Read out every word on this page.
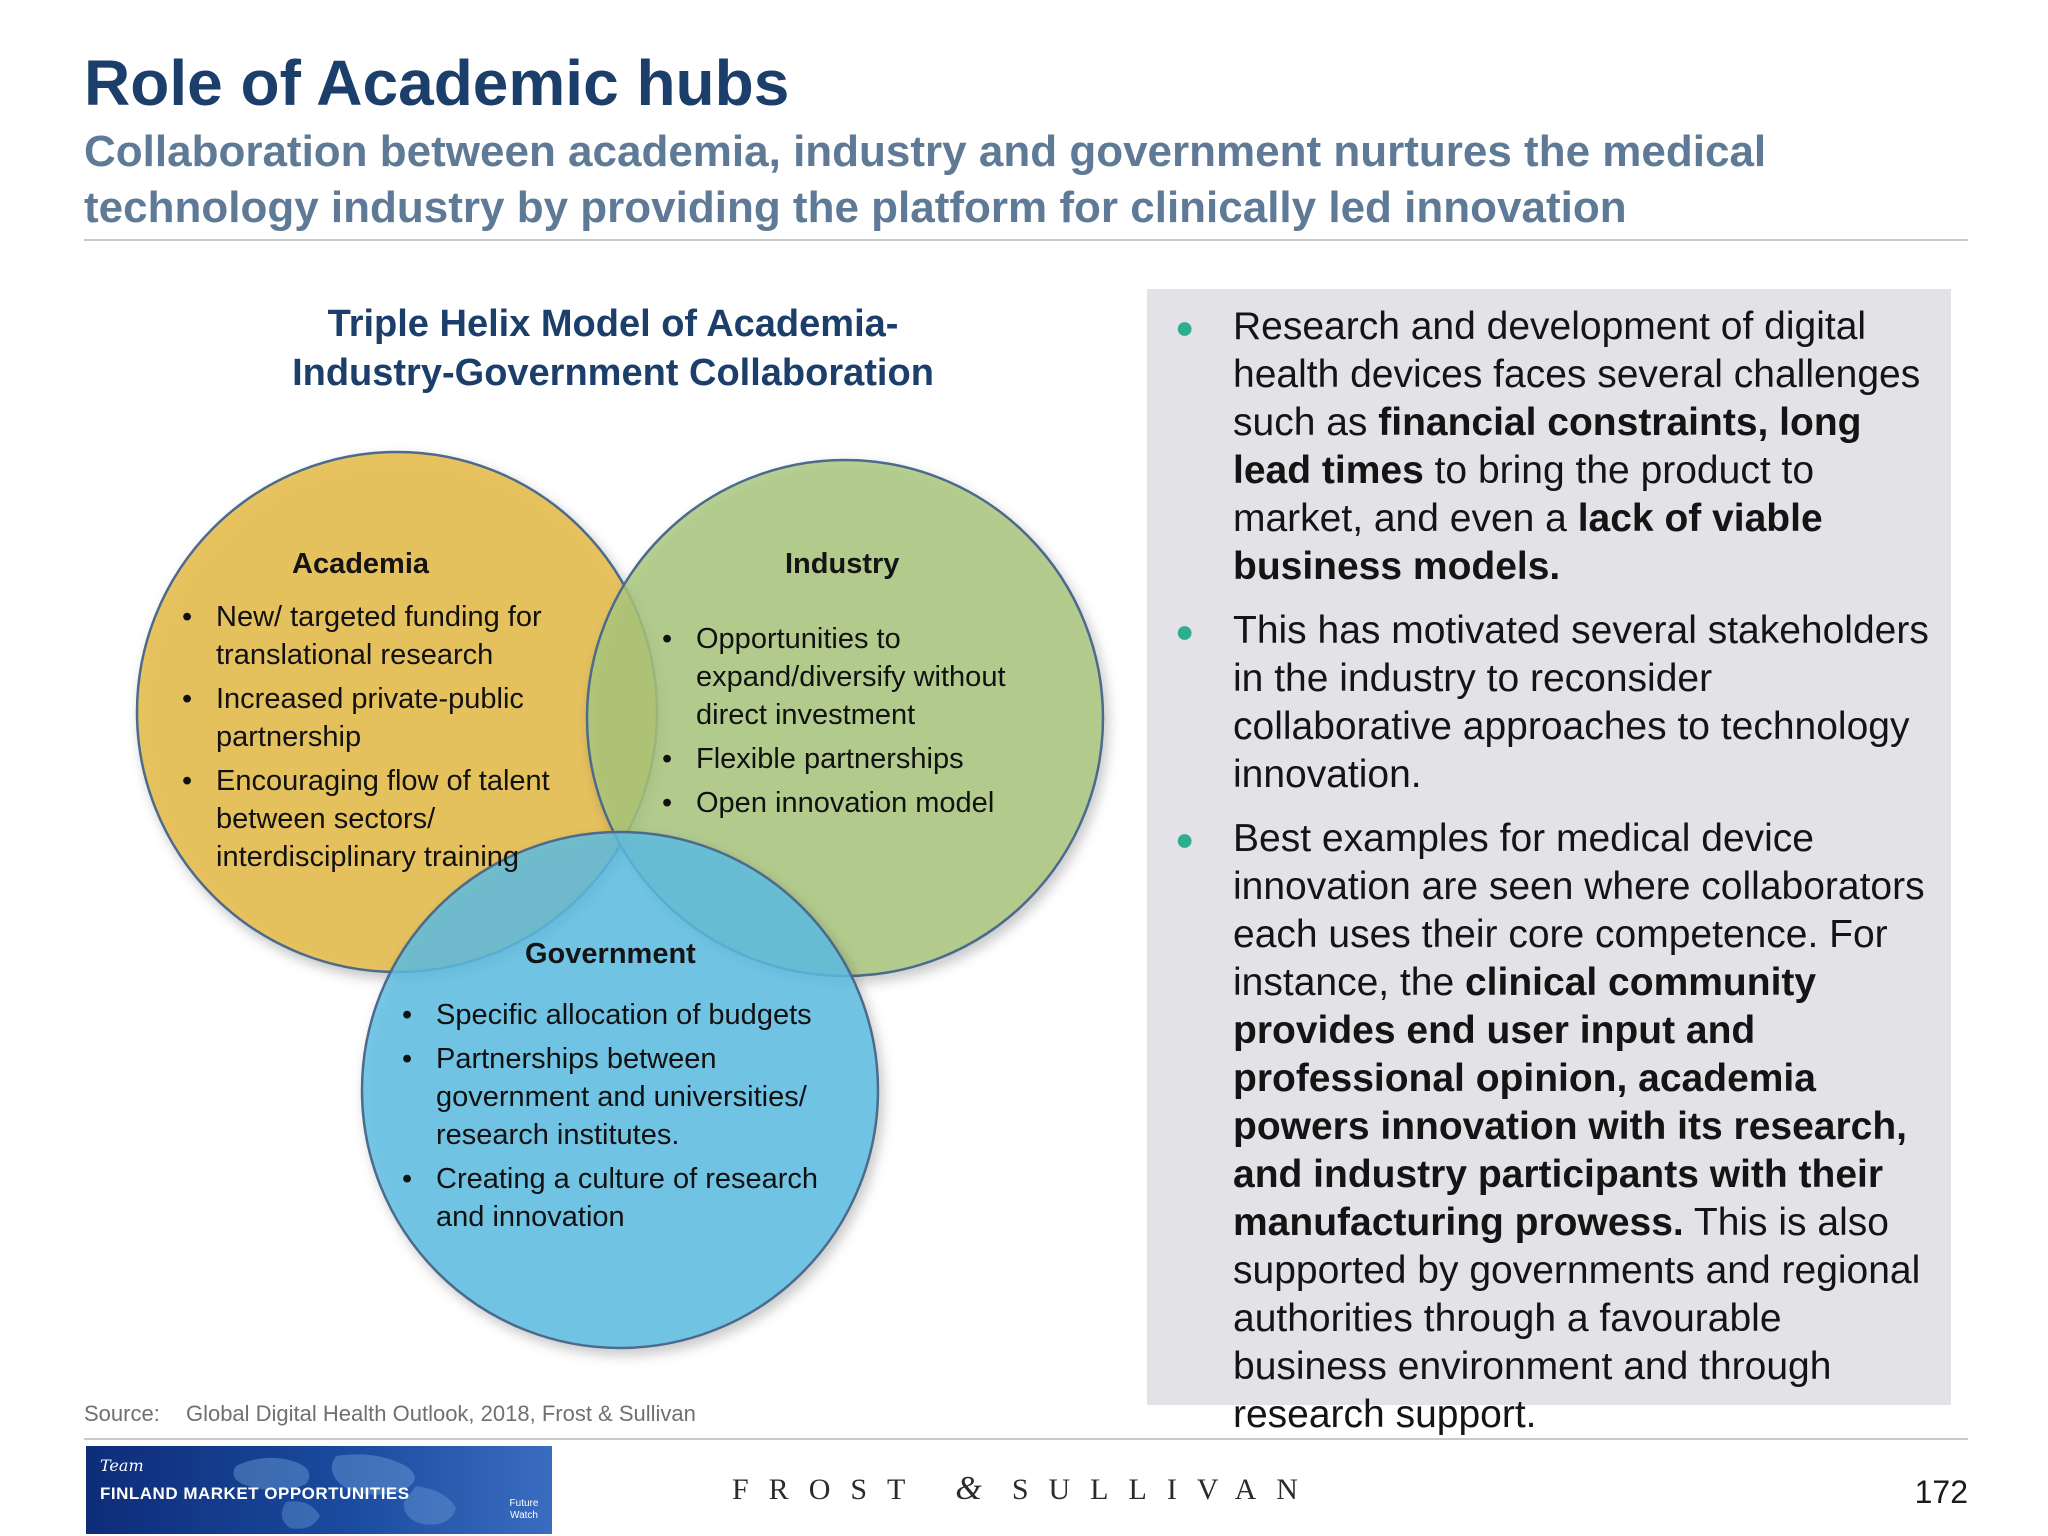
Role of Academic hubs

Collaboration between academia, industry and government nurtures the medical technology industry by providing the platform for clinically led innovation

Triple Helix Model of Academia-
Industry-Government Collaboration

Academia
• New/ targeted funding for translational research
• Increased private-public partnership
• Encouraging flow of talent between sectors/ interdisciplinary training
Industry
• Opportunities to expand/diversify without direct investment
• Flexible partnerships
• Open innovation model
Government
• Specific allocation of budgets
• Partnerships between government and universities/ research institutes.
• Creating a culture of research and innovation
● Research and development of digital health devices faces several challenges such as financial constraints, long lead times to bring the product to market, and even a lack of viable business models.
● This has motivated several stakeholders in the industry to reconsider collaborative approaches to technology innovation.
● Best examples for medical device innovation are seen where collaborators each uses their core competence. For instance, the clinical community provides end user input and professional opinion, academia powers innovation with its research, and industry participants with their manufacturing prowess. This is also supported by governments and regional authorities through a favourable business environment and through research support.
Source: Global Digital Health Outlook, 2018, Frost & Sullivan
Team
FINLAND MARKET OPPORTUNITIES
Future
Watch
FROST & SULLIVAN	172
